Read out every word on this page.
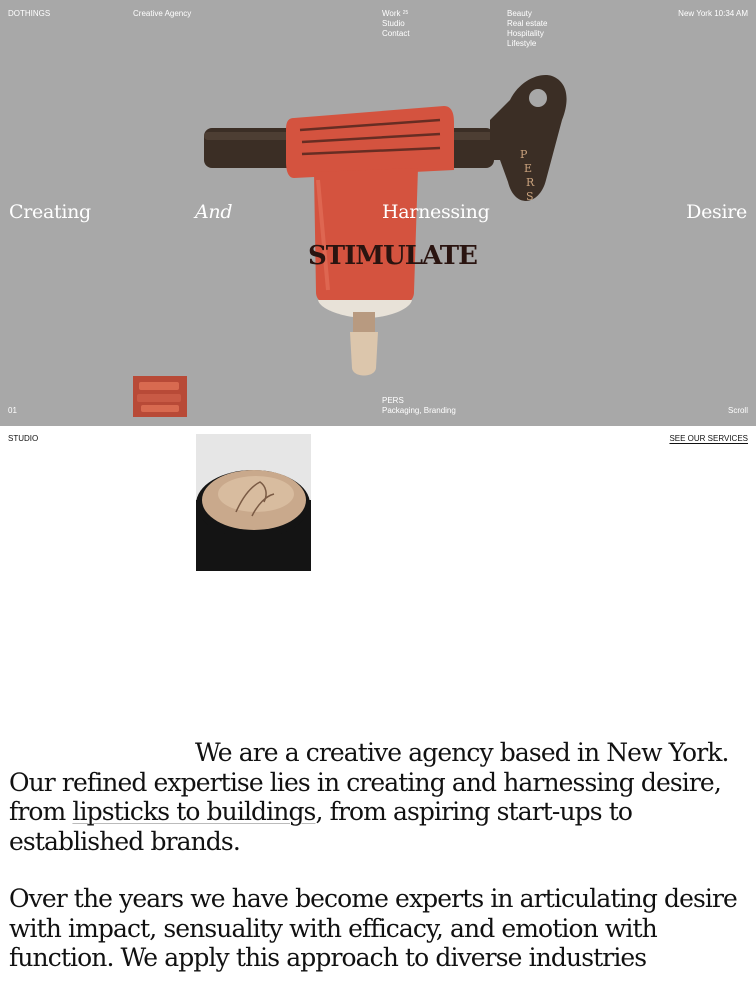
P
E
R
S
STIMULATE
DOTHINGS	Creative Agency	Work $^{25}$
Studio
Contact
Beauty
Real estate
Hospitality
Lifestyle
New York 10:34 AM
Creating	And	Harnessing	Desire
01
PERS
Packaging, Branding	Scroll
STUDIO	SEE OUR SERVICES

We are a creative agency based in New York. Our refined expertise lies in creating and harnessing desire, from lipsticks to buildings, from aspiring start-ups to established brands.

Over the years we have become experts in articulating desire with impact, sensuality with efficacy, and emotion with function. We apply this approach to diverse industries
